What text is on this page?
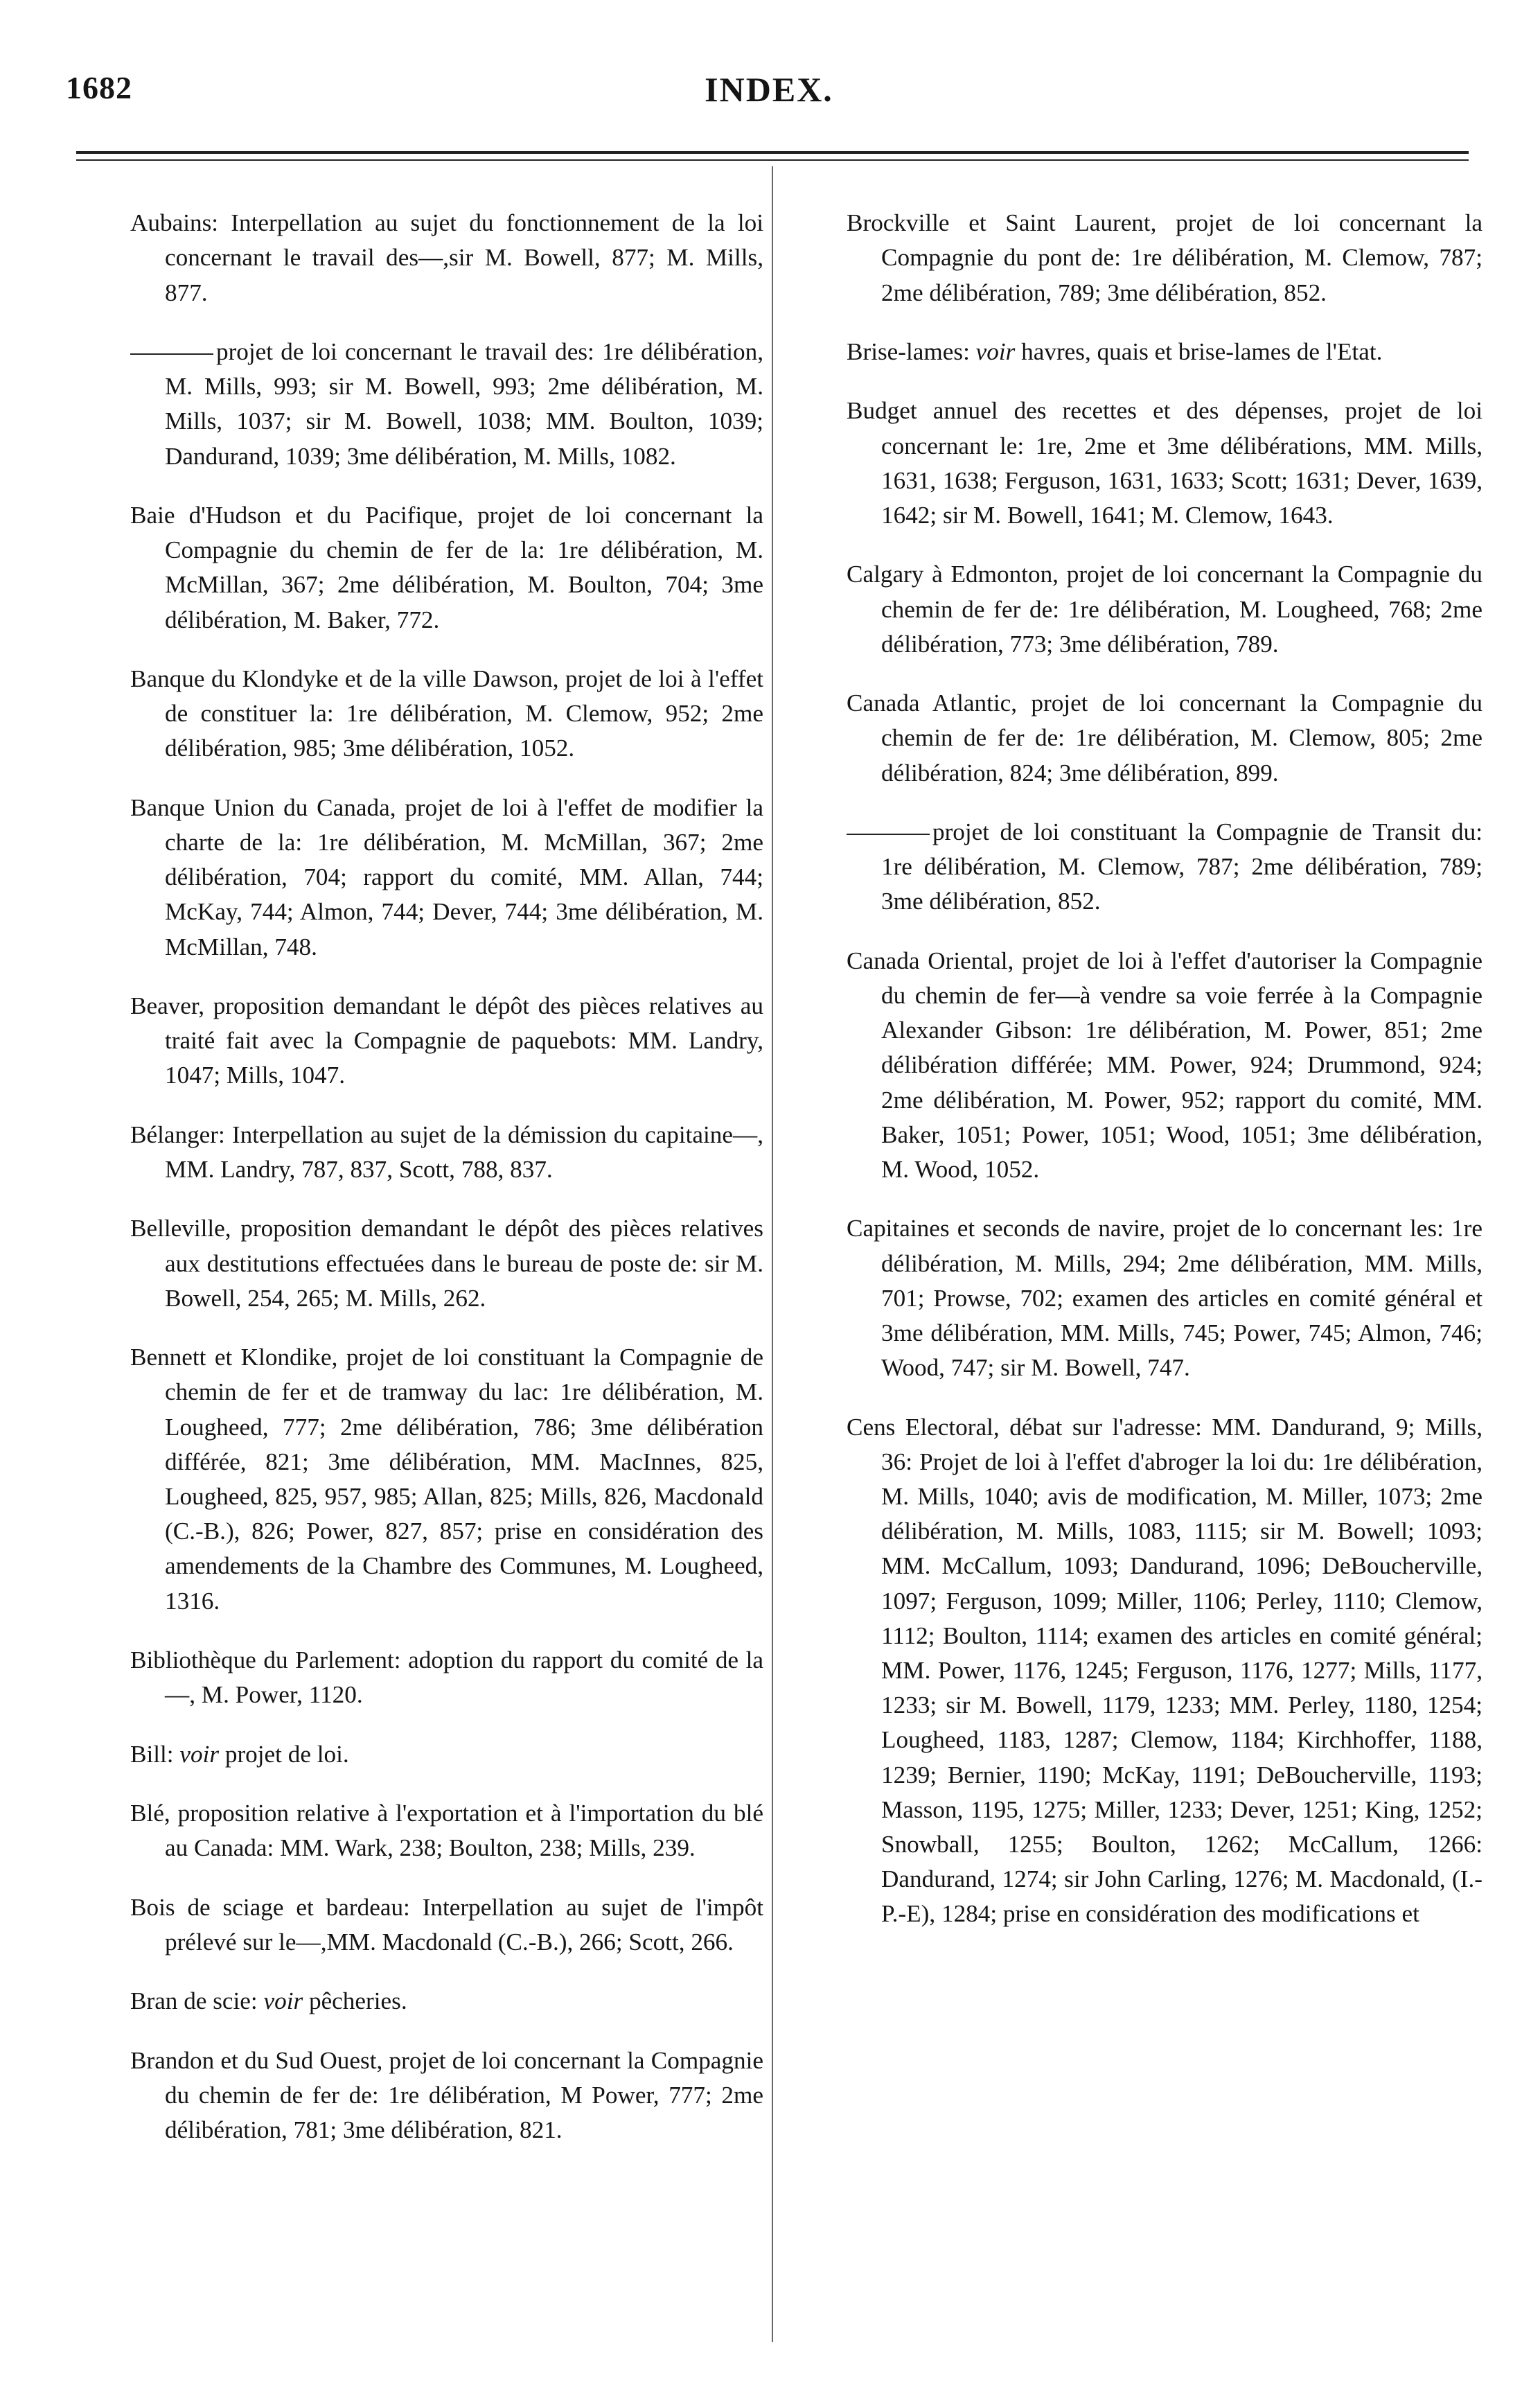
1682	INDEX.

Aubains: Interpellation au sujet du fonctionnement de la loi concernant le travail des—,sir M. Bowell, 877; M. Mills, 877.

projet de loi concernant le travail des: 1re délibération, M. Mills, 993; sir M. Bowell, 993; 2me délibération, M. Mills, 1037; sir M. Bowell, 1038; MM. Boulton, 1039; Dandurand, 1039; 3me délibération, M. Mills, 1082.

Baie d'Hudson et du Pacifique, projet de loi concernant la Compagnie du chemin de fer de la: 1re délibération, M. McMillan, 367; 2me délibération, M. Boulton, 704; 3me délibération, M. Baker, 772.

Banque du Klondyke et de la ville Dawson, projet de loi à l'effet de constituer la: 1re délibération, M. Clemow, 952; 2me délibération, 985; 3me délibération, 1052.

Banque Union du Canada, projet de loi à l'effet de modifier la charte de la: 1re délibération, M. McMillan, 367; 2me délibération, 704; rapport du comité, MM. Allan, 744; McKay, 744; Almon, 744; Dever, 744; 3me délibération, M. McMillan, 748.

Beaver, proposition demandant le dépôt des pièces relatives au traité fait avec la Compagnie de paquebots: MM. Landry, 1047; Mills, 1047.

Bélanger: Interpellation au sujet de la démission du capitaine—, MM. Landry, 787, 837, Scott, 788, 837.

Belleville, proposition demandant le dépôt des pièces relatives aux destitutions effectuées dans le bureau de poste de: sir M. Bowell, 254, 265; M. Mills, 262.

Bennett et Klondike, projet de loi constituant la Compagnie de chemin de fer et de tramway du lac: 1re délibération, M. Lougheed, 777; 2me délibération, 786; 3me délibération différée, 821; 3me délibération, MM. MacInnes, 825, Lougheed, 825, 957, 985; Allan, 825; Mills, 826, Macdonald (C.-B.), 826; Power, 827, 857; prise en considération des amendements de la Chambre des Communes, M. Lougheed, 1316.

Bibliothèque du Parlement: adoption du rapport du comité de la—, M. Power, 1120.

Bill: voir projet de loi.

Blé, proposition relative à l'exportation et à l'importation du blé au Canada: MM. Wark, 238; Boulton, 238; Mills, 239.

Bois de sciage et bardeau: Interpellation au sujet de l'impôt prélevé sur le—,MM. Macdonald (C.-B.), 266; Scott, 266.

Bran de scie: voir pêcheries.

Brandon et du Sud Ouest, projet de loi concernant la Compagnie du chemin de fer de: 1re délibération, M Power, 777; 2me délibération, 781; 3me délibération, 821.

Brockville et Saint Laurent, projet de loi concernant la Compagnie du pont de: 1re délibération, M. Clemow, 787; 2me délibération, 789; 3me délibération, 852.

Brise-lames: voir havres, quais et brise-lames de l'Etat.

Budget annuel des recettes et des dépenses, projet de loi concernant le: 1re, 2me et 3me délibérations, MM. Mills, 1631, 1638; Ferguson, 1631, 1633; Scott; 1631; Dever, 1639, 1642; sir M. Bowell, 1641; M. Clemow, 1643.

Calgary à Edmonton, projet de loi concernant la Compagnie du chemin de fer de: 1re délibération, M. Lougheed, 768; 2me délibération, 773; 3me délibération, 789.

Canada Atlantic, projet de loi concernant la Compagnie du chemin de fer de: 1re délibération, M. Clemow, 805; 2me délibération, 824; 3me délibération, 899.

projet de loi constituant la Compagnie de Transit du: 1re délibération, M. Clemow, 787; 2me délibération, 789; 3me délibération, 852.

Canada Oriental, projet de loi à l'effet d'autoriser la Compagnie du chemin de fer—à vendre sa voie ferrée à la Compagnie Alexander Gibson: 1re délibération, M. Power, 851; 2me délibération différée; MM. Power, 924; Drummond, 924; 2me délibération, M. Power, 952; rapport du comité, MM. Baker, 1051; Power, 1051; Wood, 1051; 3me délibération, M. Wood, 1052.

Capitaines et seconds de navire, projet de lo concernant les: 1re délibération, M. Mills, 294; 2me délibération, MM. Mills, 701; Prowse, 702; examen des articles en comité général et 3me délibération, MM. Mills, 745; Power, 745; Almon, 746; Wood, 747; sir M. Bowell, 747.

Cens Electoral, débat sur l'adresse: MM. Dandurand, 9; Mills, 36: Projet de loi à l'effet d'abroger la loi du: 1re délibération, M. Mills, 1040; avis de modification, M. Miller, 1073; 2me délibération, M. Mills, 1083, 1115; sir M. Bowell; 1093; MM. McCallum, 1093; Dandurand, 1096; DeBoucherville, 1097; Ferguson, 1099; Miller, 1106; Perley, 1110; Clemow, 1112; Boulton, 1114; examen des articles en comité général; MM. Power, 1176, 1245; Ferguson, 1176, 1277; Mills, 1177, 1233; sir M. Bowell, 1179, 1233; MM. Perley, 1180, 1254; Lougheed, 1183, 1287; Clemow, 1184; Kirchhoffer, 1188, 1239; Bernier, 1190; McKay, 1191; DeBoucherville, 1193; Masson, 1195, 1275; Miller, 1233; Dever, 1251; King, 1252; Snowball, 1255; Boulton, 1262; McCallum, 1266: Dandurand, 1274; sir John Carling, 1276; M. Macdonald, (I.-P.-E), 1284; prise en considération des modifications et
